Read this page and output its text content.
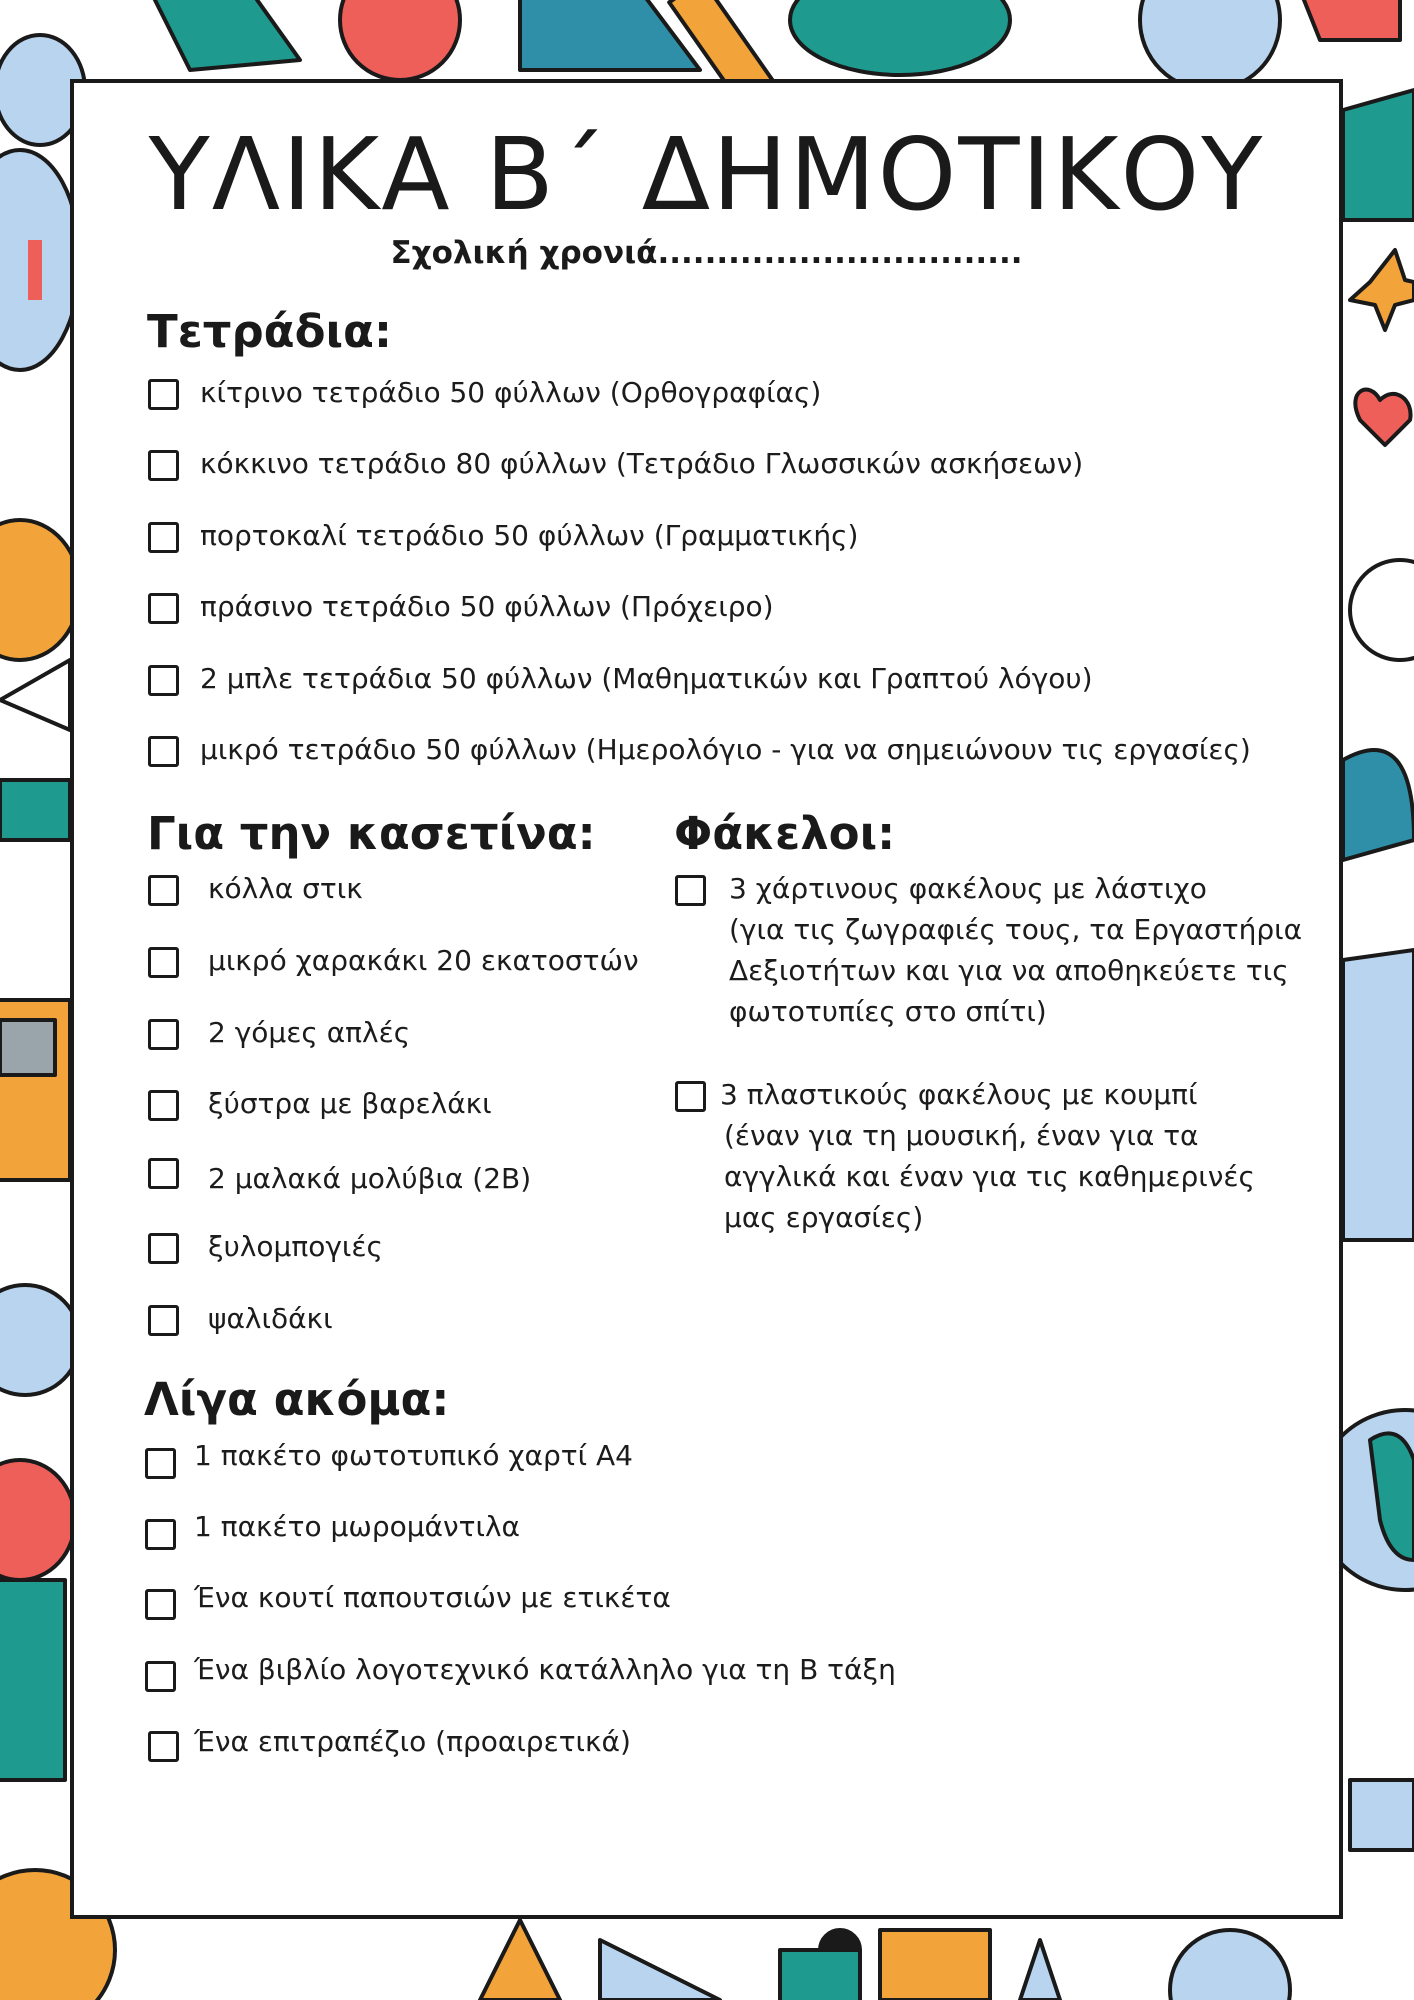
ΥΛΙΚΑ Β΄ ΔΗΜΟΤΙΚΟΥ
Σχολική χρονιά...............................
Τετράδια:
κίτρινο τετράδιο 50 φύλλων (Ορθογραφίας)
κόκκινο τετράδιο 80 φύλλων (Τετράδιο Γλωσσικών ασκήσεων)
πορτοκαλί τετράδιο 50 φύλλων (Γραμματικής)
πράσινο τετράδιο 50 φύλλων (Πρόχειρο)
2 μπλε τετράδια 50 φύλλων (Μαθηματικών και Γραπτού λόγου)
μικρό τετράδιο 50 φύλλων (Ημερολόγιο - για να σημειώνουν τις εργασίες)
Για την κασετίνα:
κόλλα στικ
μικρό χαρακάκι 20 εκατοστών
2 γόμες απλές
ξύστρα με βαρελάκι
2 μαλακά μολύβια (2Β)
ξυλομπογιές
ψαλιδάκι
Φάκελοι:
3 χάρτινους φακέλους με λάστιχο
(για τις ζωγραφιές τους, τα Εργαστήρια
Δεξιοτήτων και για να αποθηκεύετε τις
φωτοτυπίες στο σπίτι)
3 πλαστικούς φακέλους με κουμπί
(έναν για τη μουσική, έναν για τα
αγγλικά και έναν για τις καθημερινές
μας εργασίες)
Λίγα ακόμα:
1 πακέτο φωτοτυπικό χαρτί Α4
1 πακέτο μωρομάντιλα
Ένα κουτί παπουτσιών με ετικέτα
Ένα βιβλίο λογοτεχνικό κατάλληλο για τη Β τάξη
Ένα επιτραπέζιο (προαιρετικά)
